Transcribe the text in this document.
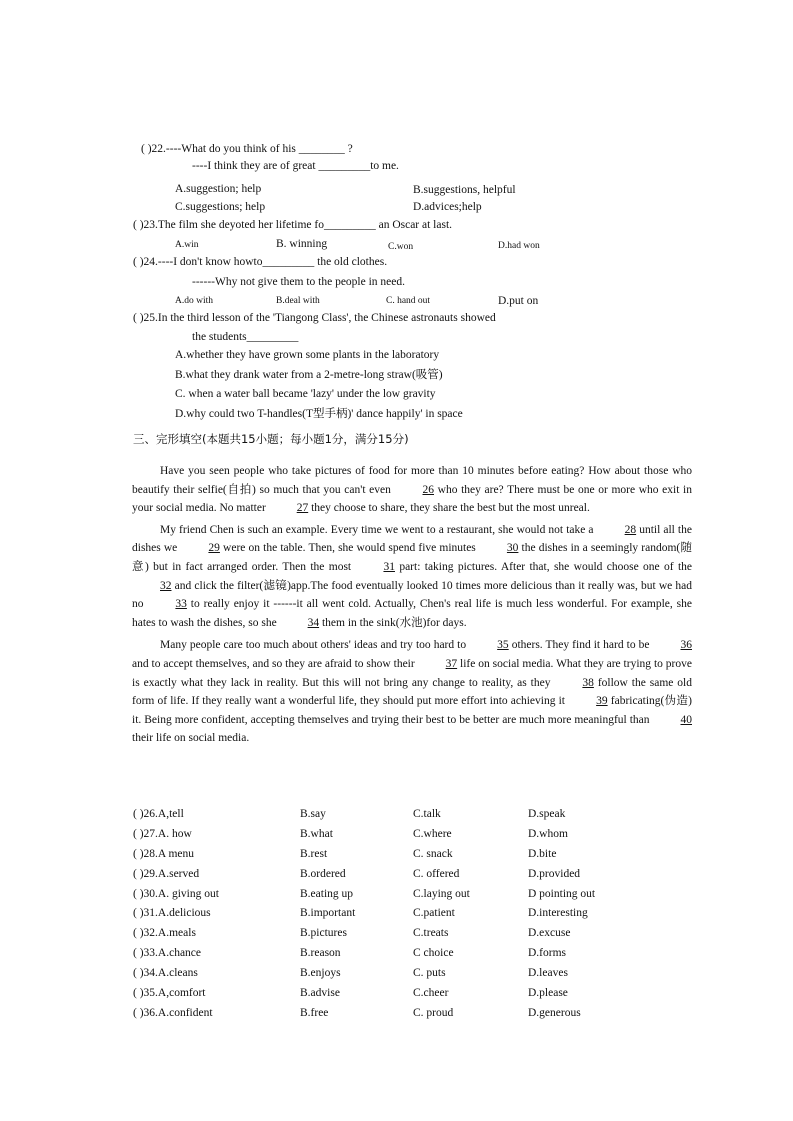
( )22.----What do you think of his ________ ?
----I think they are of great _________to me.
A.suggestion; help	B.suggestions, helpful
C.suggestions; help	D.advices;help
( )23.The film she deyoted her lifetime fo_________ an Oscar at last.
A.win	B. winning	C.won	D.had won
( )24.----I don't know howto_________ the old clothes.
------Why not give them to the people in need.
A.do with	B.deal with	C. hand out	D.put on
( )25.In the third lesson of the 'Tiangong Class', the Chinese astronauts showed
the students_________
A.whether they have grown some plants in the laboratory
B.what they drank water from a 2-metre-long straw(吸管)
C. when a water ball became 'lazy' under the low gravity
D.why could two T-handles(T型手柄)' dance happily' in space
三、完形填空(本题共15小题；每小题1分，满分15分)

Have you seen people who take pictures of food for more than 10 minutes before eating? How about those who beautify their selfie(自拍) so much that you can't even 26 who they are? There must be one or more who exit in your social media. No matter 27 they choose to share, they share the best but the most unreal.

My friend Chen is such an example. Every time we went to a restaurant, she would not take a 28 until all the dishes we 29 were on the table. Then, she would spend five minutes 30 the dishes in a seemingly random(随意) but in fact arranged order. Then the most 31 part: taking pictures. After that, she would choose one of the 32 and click the filter(滤镜)app.The food eventually looked 10 times more delicious than it really was, but we had no 33 to really enjoy it ------it all went cold. Actually, Chen's real life is much less wonderful. For example, she hates to wash the dishes, so she 34 them in the sink(水池)for days.

Many people care too much about others' ideas and try too hard to 35 others. They find it hard to be 36 and to accept themselves, and so they are afraid to show their 37 life on social media. What they are trying to prove is exactly what they lack in reality. But this will not bring any change to reality, as they 38 follow the same old form of life. If they really want a wonderful life, they should put more effort into achieving it 39 fabricating(伪造) it. Being more confident, accepting themselves and trying their best to be better are much more meaningful than 40 their life on social media.

( )26.A,tell	B.say	C.talk	D.speak
( )27.A. how	B.what	C.where	D.whom
( )28.A menu	B.rest	C. snack	D.bite
( )29.A.served	B.ordered	C. offered	D.provided
( )30.A. giving out	B.eating up	C.laying out	D pointing out
( )31.A.delicious	B.important	C.patient	D.interesting
( )32.A.meals	B.pictures	C.treats	D.excuse
( )33.A.chance	B.reason	C choice	D.forms
( )34.A.cleans	B.enjoys	C. puts	D.leaves
( )35.A,comfort	B.advise	C.cheer	D.please
( )36.A.confident	B.free	C. proud	D.generous
